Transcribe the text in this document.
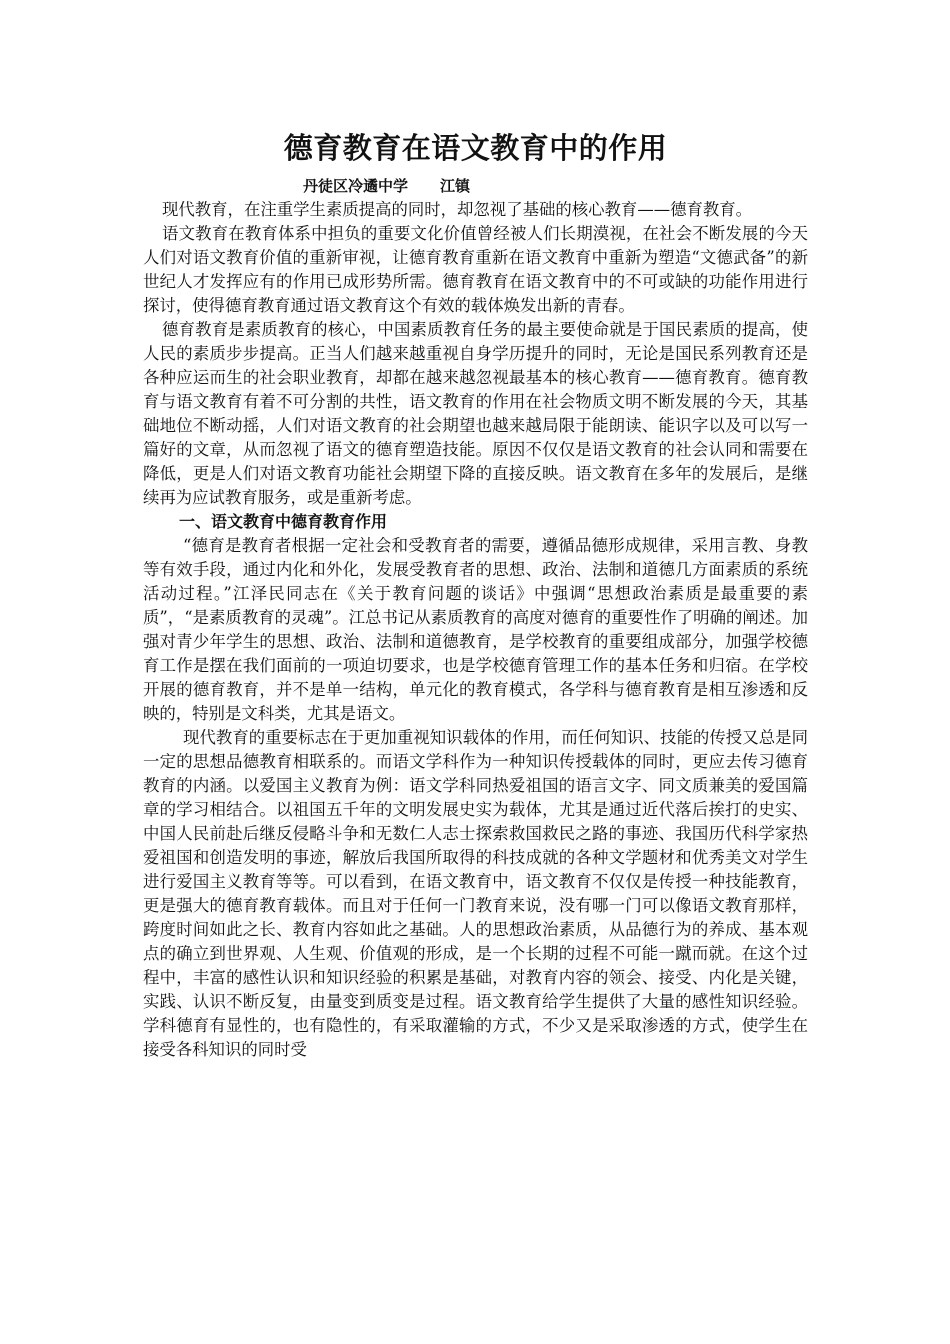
德育教育在语文教育中的作用
丹徒区冷遹中学 江镇

现代教育，在注重学生素质提高的同时，却忽视了基础的核心教育——德育教育。

语文教育在教育体系中担负的重要文化价值曾经被人们长期漠视，在社会不断发展的今天人们对语文教育价值的重新审视，让德育教育重新在语文教育中重新为塑造“文德武备”的新世纪人才发挥应有的作用已成形势所需。德育教育在语文教育中的不可或缺的功能作用进行探讨，使得德育教育通过语文教育这个有效的载体焕发出新的青春。

德育教育是素质教育的核心，中国素质教育任务的最主要使命就是于国民素质的提高，使人民的素质步步提高。正当人们越来越重视自身学历提升的同时，无论是国民系列教育还是各种应运而生的社会职业教育，却都在越来越忽视最基本的核心教育——德育教育。德育教育与语文教育有着不可分割的共性，语文教育的作用在社会物质文明不断发展的今天，其基础地位不断动摇，人们对语文教育的社会期望也越来越局限于能朗读、能识字以及可以写一篇好的文章，从而忽视了语文的德育塑造技能。原因不仅仅是语文教育的社会认同和需要在降低，更是人们对语文教育功能社会期望下降的直接反映。语文教育在多年的发展后，是继续再为应试教育服务，或是重新考虑。

一、语文教育中德育教育作用

“德育是教育者根据一定社会和受教育者的需要，遵循品德形成规律，采用言教、身教等有效手段，通过内化和外化，发展受教育者的思想、政治、法制和道德几方面素质的系统活动过程。”江泽民同志在《关于教育问题的谈话》中强调“思想政治素质是最重要的素质”，“是素质教育的灵魂”。江总书记从素质教育的高度对德育的重要性作了明确的阐述。加强对青少年学生的思想、政治、法制和道德教育，是学校教育的重要组成部分，加强学校德育工作是摆在我们面前的一项迫切要求，也是学校德育管理工作的基本任务和归宿。在学校开展的德育教育，并不是单一结构，单元化的教育模式，各学科与德育教育是相互渗透和反映的，特别是文科类，尤其是语文。

现代教育的重要标志在于更加重视知识载体的作用，而任何知识、技能的传授又总是同一定的思想品德教育相联系的。而语文学科作为一种知识传授载体的同时，更应去传习德育教育的内涵。以爱国主义教育为例：语文学科同热爱祖国的语言文字、同文质兼美的爱国篇章的学习相结合。以祖国五千年的文明发展史实为载体，尤其是通过近代落后挨打的史实、中国人民前赴后继反侵略斗争和无数仁人志士探索救国救民之路的事迹、我国历代科学家热爱祖国和创造发明的事迹，解放后我国所取得的科技成就的各种文学题材和优秀美文对学生进行爱国主义教育等等。可以看到，在语文教育中，语文教育不仅仅是传授一种技能教育，更是强大的德育教育载体。而且对于任何一门教育来说，没有哪一门可以像语文教育那样，跨度时间如此之长、教育内容如此之基础。人的思想政治素质，从品德行为的养成、基本观点的确立到世界观、人生观、价值观的形成，是一个长期的过程不可能一蹴而就。在这个过程中，丰富的感性认识和知识经验的积累是基础，对教育内容的领会、接受、内化是关键，实践、认识不断反复，由量变到质变是过程。语文教育给学生提供了大量的感性知识经验。学科德育有显性的，也有隐性的，有采取灌输的方式，不少又是采取渗透的方式，使学生在接受各科知识的同时受
